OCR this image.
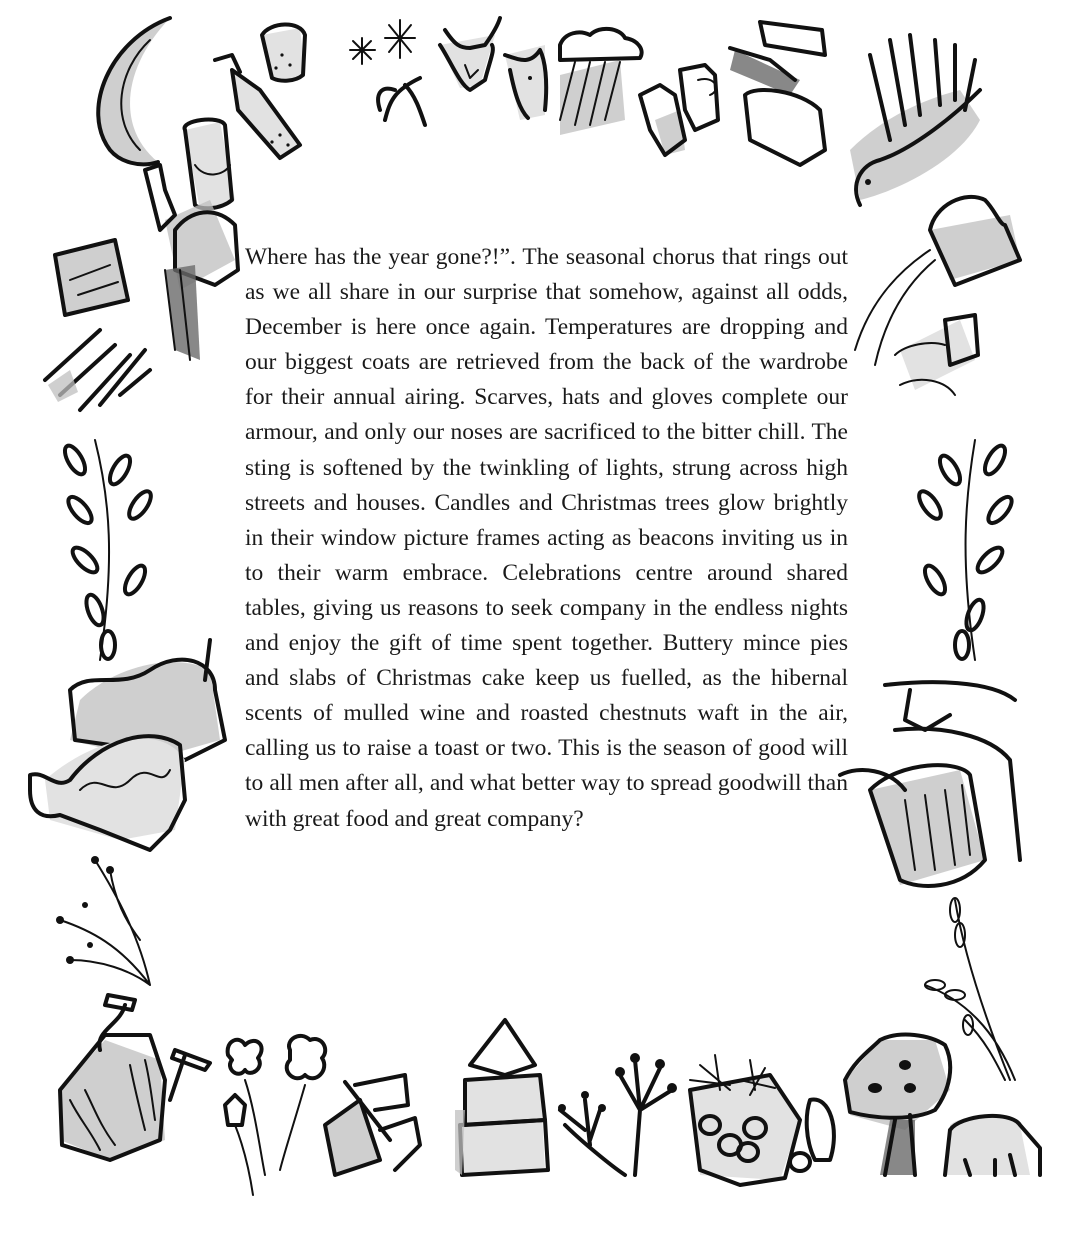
Where has the year gone?!”. The seasonal chorus that rings out as we all share in our surprise that somehow, against all odds, December is here once again. Temperatures are dropping and our biggest coats are retrieved from the back of the wardrobe for their annual airing. Scarves, hats and gloves complete our armour, and only our noses are sacrificed to the bitter chill. The sting is softened by the twinkling of lights, strung across high streets and houses. Candles and Christmas trees glow brightly in their window picture frames acting as beacons inviting us in to their warm embrace. Celebrations centre around shared tables, giving us reasons to seek company in the endless nights and enjoy the gift of time spent together. Buttery mince pies and slabs of Christmas cake keep us fuelled, as the hibernal scents of mulled wine and roasted chestnuts waft in the air, calling us to raise a toast or two. This is the season of good will to all men after all, and what better way to spread goodwill than with great food and great company?
